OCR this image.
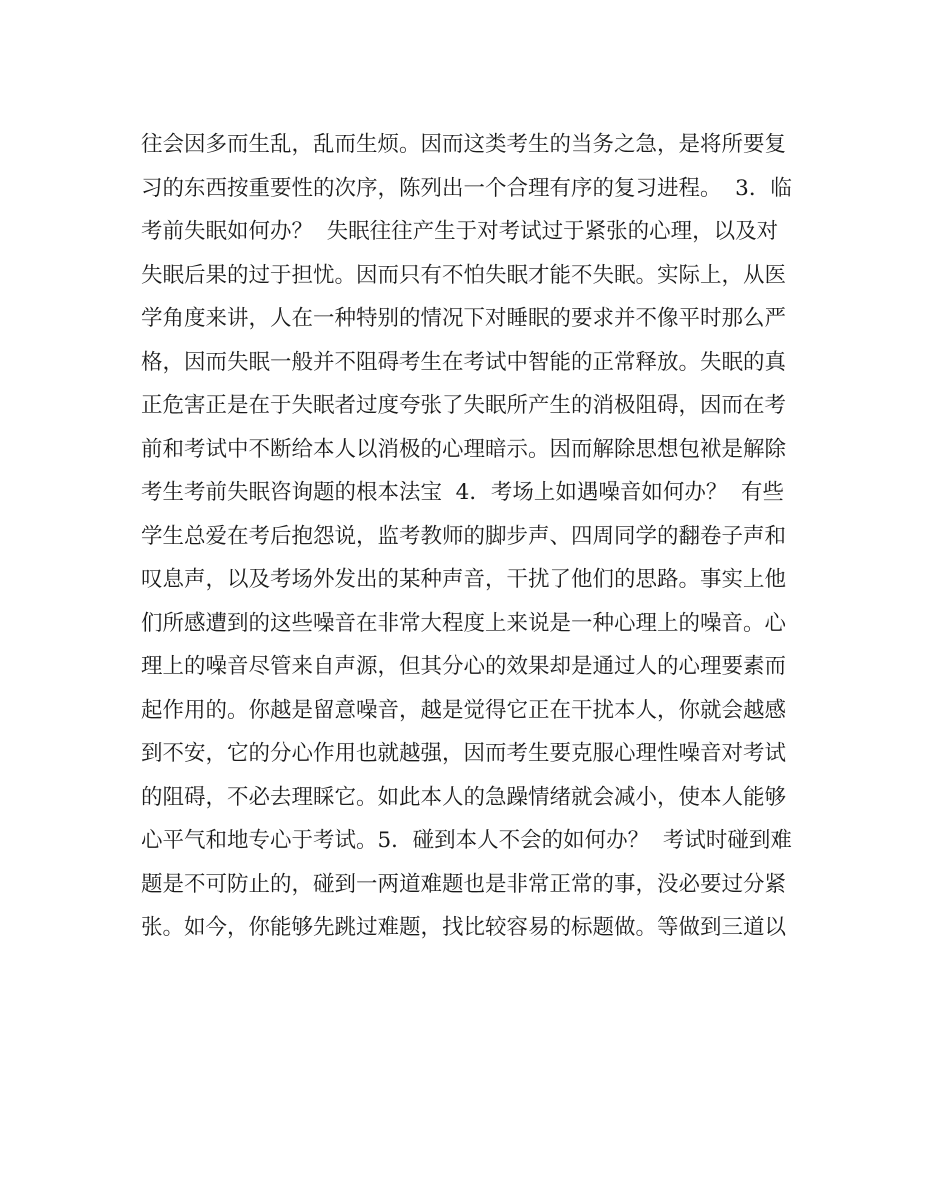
往会因多而生乱，乱而生烦。因而这类考生的当务之急，是将所要复
习的东西按重要性的次序，陈列出一个合理有序的复习进程。  3．临
考前失眠如何办？  失眠往往产生于对考试过于紧张的心理，以及对
失眠后果的过于担忧。因而只有不怕失眠才能不失眠。实际上，从医
学角度来讲，人在一种特别的情况下对睡眠的要求并不像平时那么严
格，因而失眠一般并不阻碍考生在考试中智能的正常释放。失眠的真
正危害正是在于失眠者过度夸张了失眠所产生的消极阻碍，因而在考
前和考试中不断给本人以消极的心理暗示。因而解除思想包袱是解除
考生考前失眠咨询题的根本法宝  4．考场上如遇噪音如何办？  有些
学生总爱在考后抱怨说，监考教师的脚步声、四周同学的翻卷子声和
叹息声，以及考场外发出的某种声音，干扰了他们的思路。事实上他
们所感遭到的这些噪音在非常大程度上来说是一种心理上的噪音。心
理上的噪音尽管来自声源，但其分心的效果却是通过人的心理要素而
起作用的。你越是留意噪音，越是觉得它正在干扰本人，你就会越感
到不安，它的分心作用也就越强，因而考生要克服心理性噪音对考试
的阻碍，不必去理睬它。如此本人的急躁情绪就会减小，使本人能够
心平气和地专心于考试。5．碰到本人不会的如何办？  考试时碰到难
题是不可防止的，碰到一两道难题也是非常正常的事，没必要过分紧
张。如今，你能够先跳过难题，找比较容易的标题做。等做到三道以
